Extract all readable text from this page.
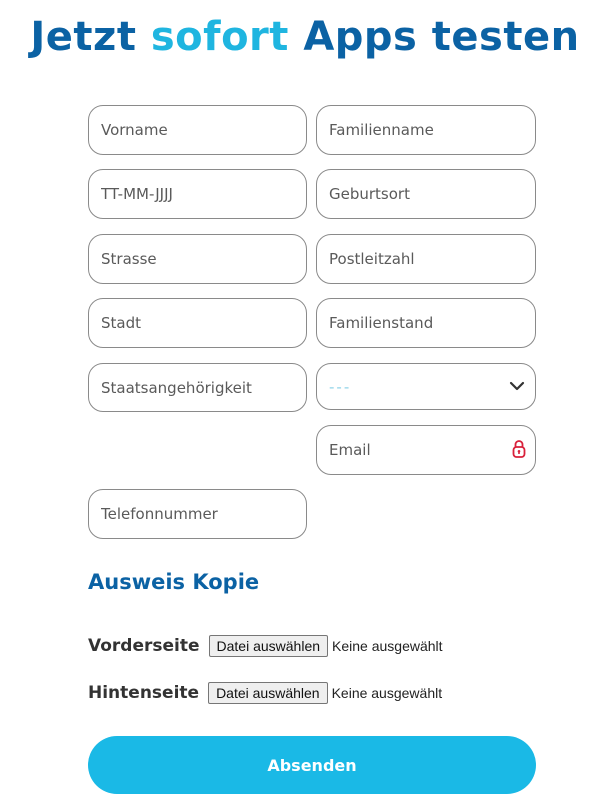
Jetzt sofort Apps testen
Vorname
Familienname
TT-MM-JJJJ
Geburtsort
Strasse
Postleitzahl
Stadt
Familienstand
Staatsangehörigkeit
---
Email
Telefonnummer
Ausweis Kopie
Vorderseite	Datei auswählen Keine ausgewählt
Hintenseite	Datei auswählen Keine ausgewählt
Absenden
